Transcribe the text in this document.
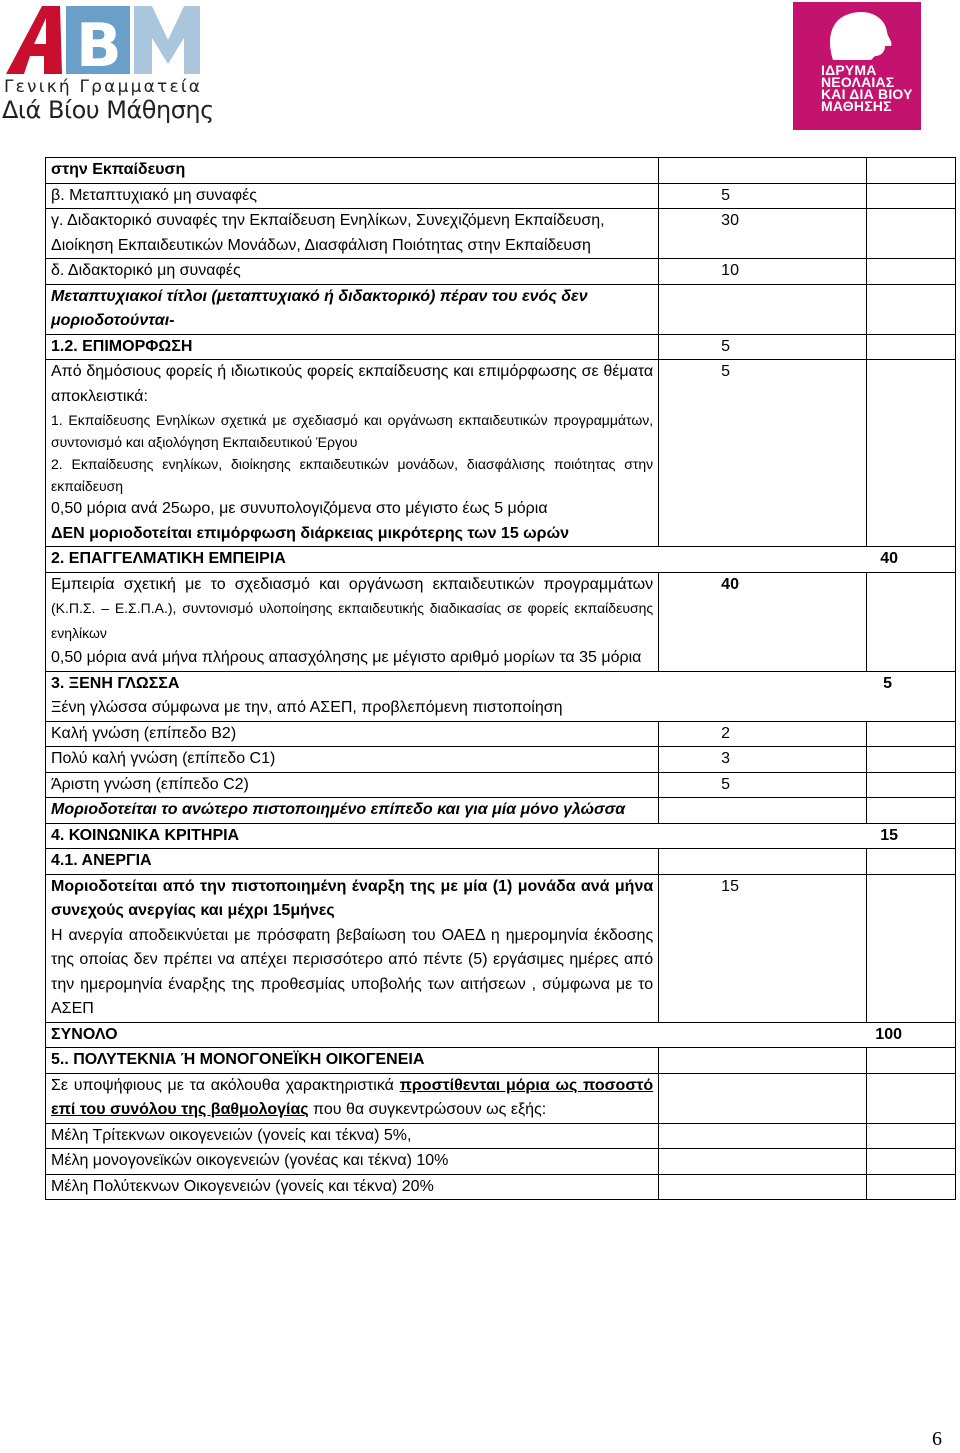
B
Γενική Γραμματεία
Διά Βίου Μάθησης
ΙΔΡΥΜΑ
ΝΕΟΛΑΙΑΣ
ΚΑΙ ΔΙΑ ΒΙΟΥ
ΜΑΘΗΣΗΣ
στην Εκπαίδευση		
β. Μεταπτυχιακό μη συναφές	5	
γ. Διδακτορικό συναφές την Εκπαίδευση Ενηλίκων, Συνεχιζόμενη Εκπαίδευση, Διοίκηση Εκπαιδευτικών Μονάδων, Διασφάλιση Ποιότητας στην Εκπαίδευση	30	
δ. Διδακτορικό μη συναφές	10	
Μεταπτυχιακοί τίτλοι (μεταπτυχιακό ή διδακτορικό) πέραν του ενός δεν μοριοδοτούνται-		
1.2. ΕΠΙΜΟΡΦΩΣΗ	5	

Από δημόσιους φορείς ή ιδιωτικούς φορείς εκπαίδευσης και επιμόρφωσης σε θέματα αποκλειστικά:
1. Εκπαίδευσης Ενηλίκων σχετικά με σχεδιασμό και οργάνωση εκπαιδευτικών προγραμμάτων, συντονισμό και αξιολόγηση Εκπαιδευτικού Έργου
2. Εκπαίδευσης ενηλίκων, διοίκησης εκπαιδευτικών μονάδων, διασφάλισης ποιότητας στην εκπαίδευση
0,50 μόρια ανά 25ωρο, με συνυπολογιζόμενα στο μέγιστο έως 5 μόρια
ΔΕΝ μοριοδοτείται επιμόρφωση διάρκειας μικρότερης των 15 ωρών	5	
2. ΕΠΑΓΓΕΛΜΑΤΙΚΗ ΕΜΠΕΙΡΙΑ 40		

Εμπειρία σχετική με το σχεδιασμό και οργάνωση εκπαιδευτικών προγραμμάτων (Κ.Π.Σ. – Ε.Σ.Π.Α.), συντονισμό υλοποίησης εκπαιδευτικής διαδικασίας σε φορείς εκπαίδευσης ενηλίκων
0,50 μόρια ανά μήνα πλήρους απασχόλησης με μέγιστο αριθμό μορίων τα 35 μόρια	40	
3. ΞΕΝΗ ΓΛΩΣΣΑ 5
Ξένη γλώσσα σύμφωνα με την, από ΑΣΕΠ, προβλεπόμενη πιστοποίηση		

Καλή γνώση (επίπεδο Β2)	2	
Πολύ καλή γνώση (επίπεδο C1)	3	
Άριστη γνώση (επίπεδο C2)	5	
Μοριοδοτείται το ανώτερο πιστοποιημένο επίπεδο και για μία μόνο γλώσσα		
4. ΚΟΙΝΩΝΙΚΑ ΚΡΙΤΗΡΙΑ 15		

4.1. ΑΝΕΡΓΙΑ		

Μοριοδοτείται από την πιστοποιημένη έναρξη της με μία (1) μονάδα ανά μήνα συνεχούς ανεργίας και μέχρι 15μήνες
Η ανεργία αποδεικνύεται με πρόσφατη βεβαίωση του ΟΑΕΔ η ημερομηνία έκδοσης της οποίας δεν πρέπει να απέχει περισσότερο από πέντε (5) εργάσιμες ημέρες από την ημερομηνία έναρξης της προθεσμίας υποβολής των αιτήσεων , σύμφωνα με το ΑΣΕΠ	15	
ΣΥΝΟΛΟ 100		

5.. ΠΟΛΥΤΕΚΝΙΑ Ή ΜΟΝΟΓΟΝΕΪΚΗ ΟΙΚΟΓΕΝΕΙΑ		
Σε υποψήφιους με τα ακόλουθα χαρακτηριστικά προστίθενται μόρια ως ποσοστό επί του συνόλου της βαθμολογίας που θα συγκεντρώσουν ως εξής:		
Μέλη Τρίτεκνων οικογενειών (γονείς και τέκνα) 5%,		
Μέλη μονογονεϊκών οικογενειών (γονέας και τέκνα) 10%		
Μέλη Πολύτεκνων Οικογενειών (γονείς και τέκνα) 20%		
6
